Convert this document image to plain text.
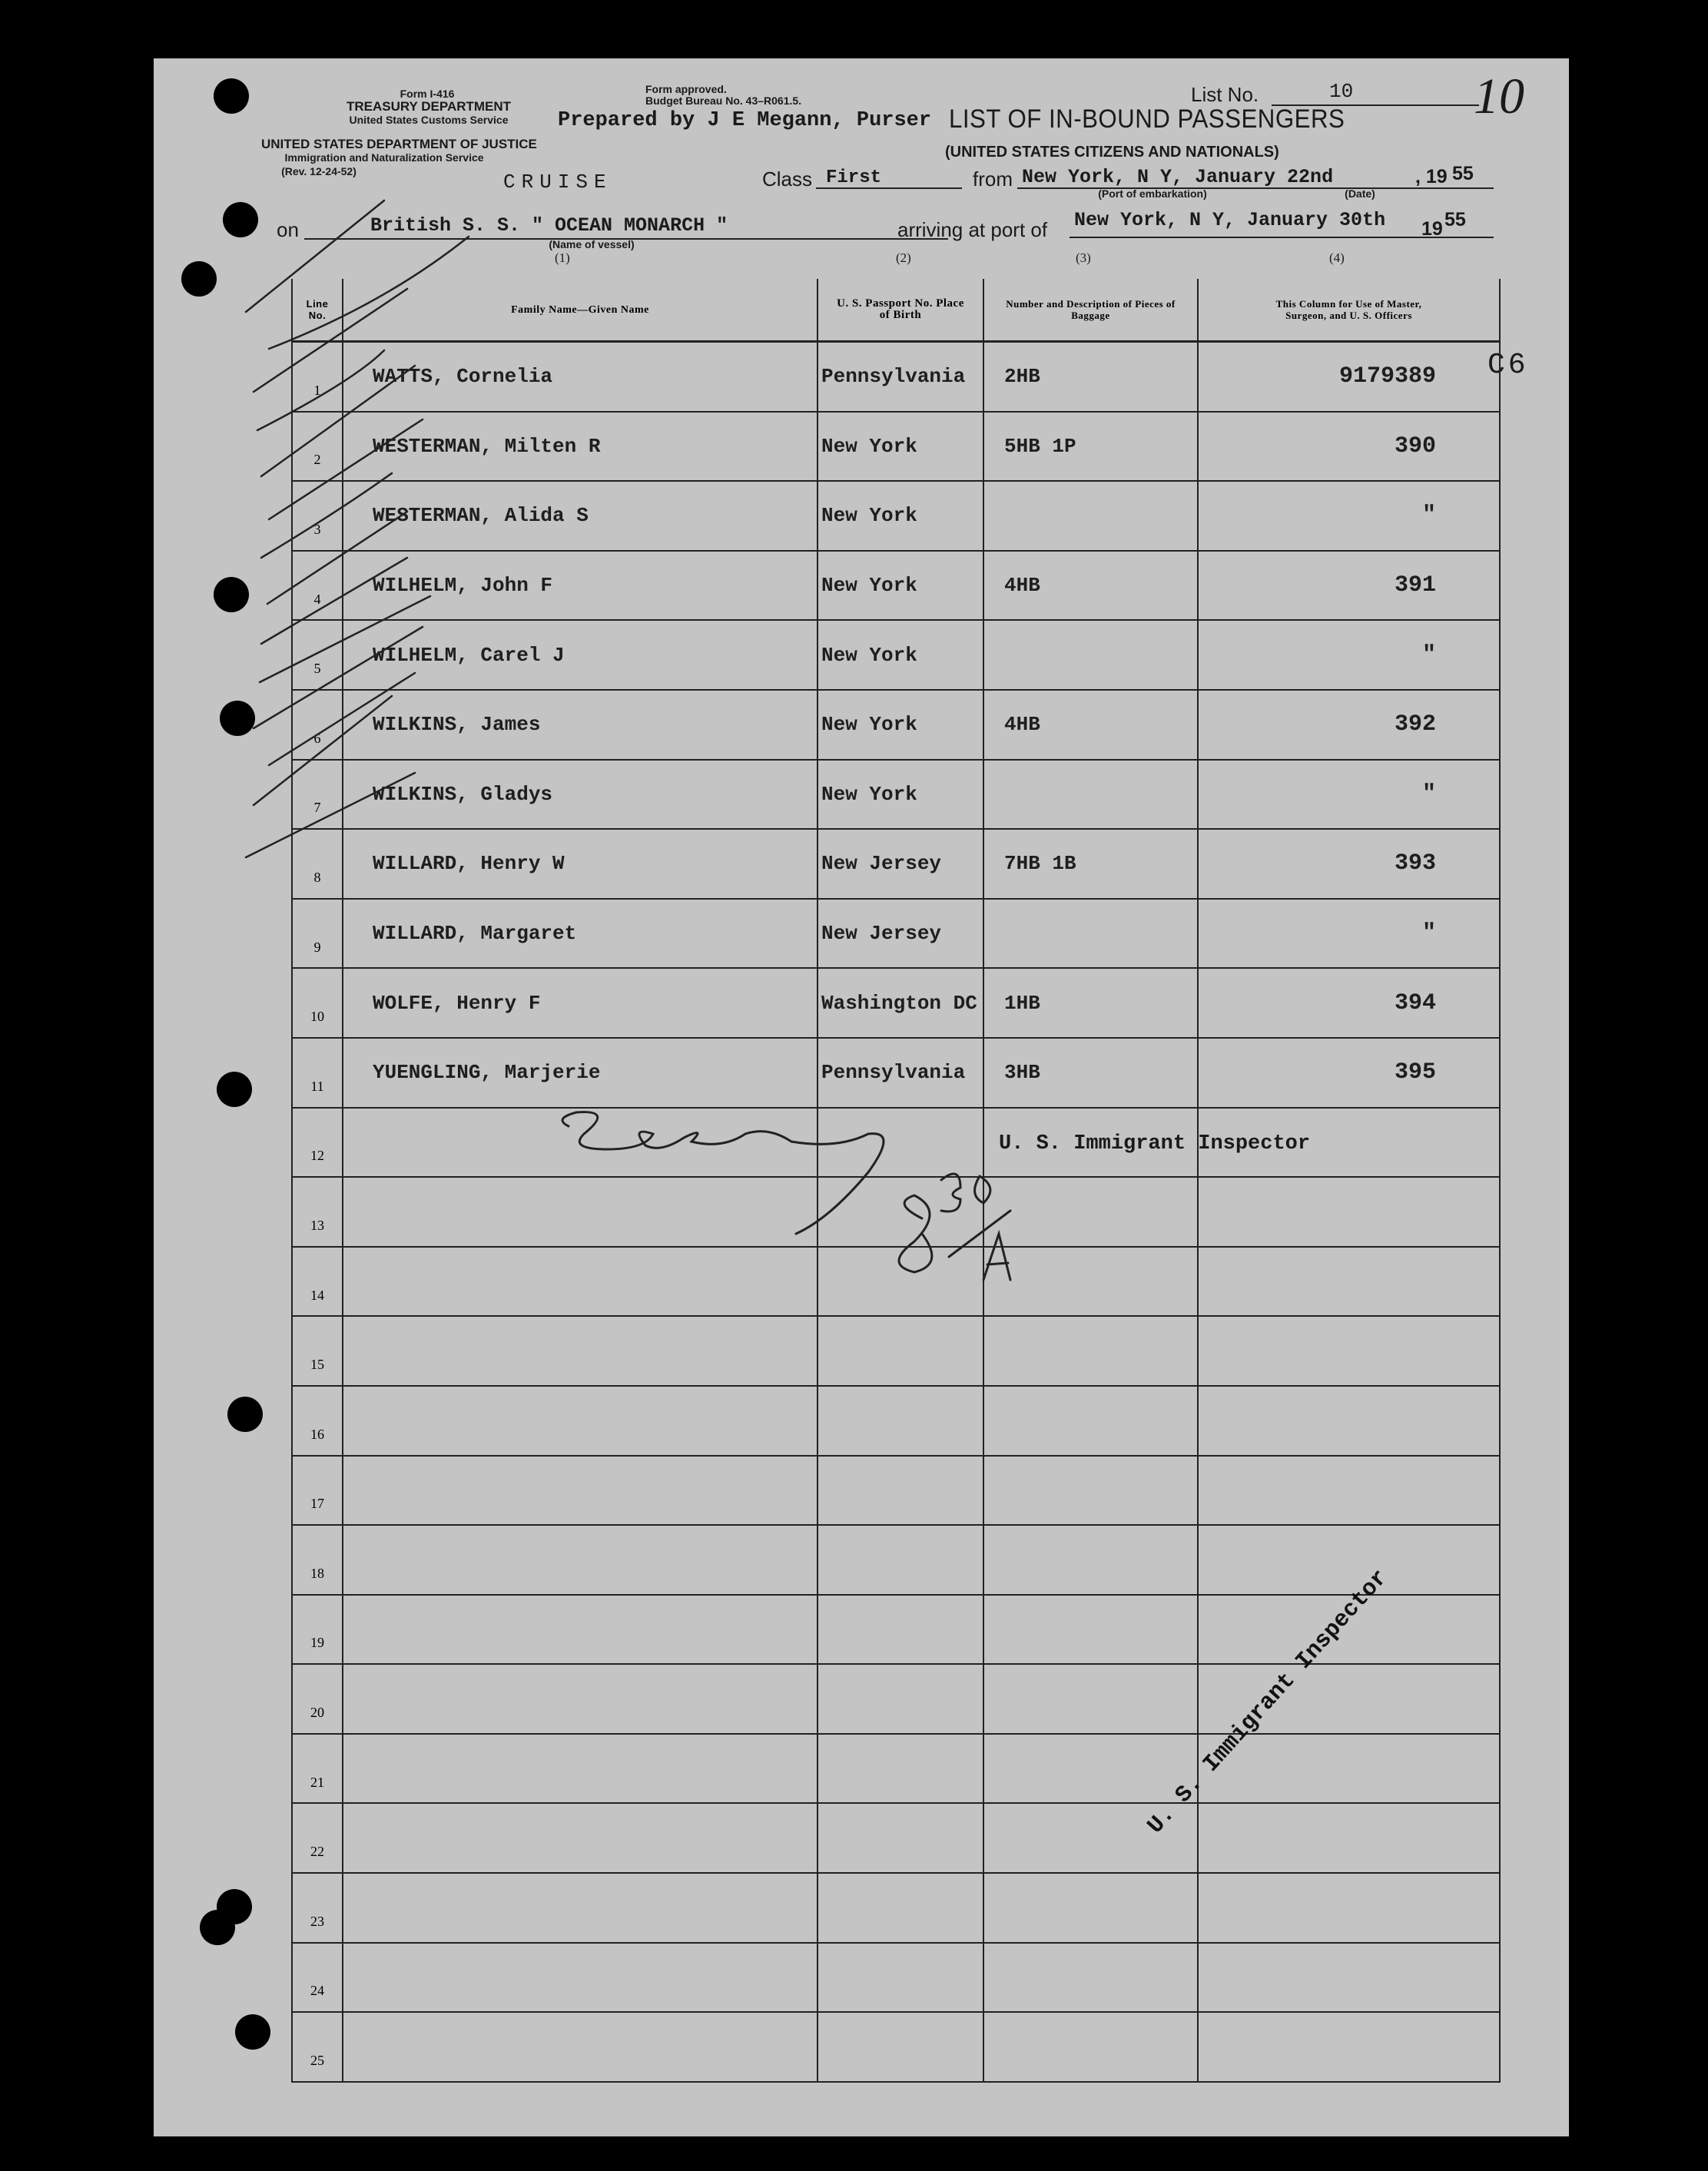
Form I-416
TREASURY DEPARTMENT
United States Customs Service
UNITED STATES DEPARTMENT OF JUSTICE
Immigration and Naturalization Service
(Rev. 12-24-52)	CRUISE
Form approved.
Budget Bureau No. 43–R061.5.
Prepared by J E Megann, Purser LIST OF IN-BOUND PASSENGERS
(UNITED STATES CITIZENS AND NATIONALS)
List No.	10 10
Class First	from New York, N Y, January 22nd	, 19 55
(Port of embarkation)	(Date)
on	British S. S. " OCEAN MONARCH "
(Name of vessel)
arriving at port of New York, N Y, January 30th 19 55
(1)	(2)	(3)	(4)
C6
Line No.	Family Name—Given Name	U. S. Passport No. Place of Birth	Number and Description of Pieces of Baggage	This Column for Use of Master, Surgeon, and U. S. Officers

1	WATTS, Cornelia	Pennsylvania	2HB	9179389

2	WESTERMAN, Milten R	New York	5HB 1P	390

3	WESTERMAN, Alida S	New York		"

4	WILHELM, John F	New York	4HB	391

5	WILHELM, Carel J	New York		"

6	WILKINS, James	New York	4HB	392

7	WILKINS, Gladys	New York		"

8	WILLARD, Henry W	New Jersey	7HB 1B	393

9	WILLARD, Margaret	New Jersey		"

10	WOLFE, Henry F	Washington DC	1HB	394

11	YUENGLING, Marjerie	Pennsylvania	3HB	395

12	

13	

14	

15	

16	

17	

18	

19	

20	

21	

22	

23	

24	

25	

U. S. Immigrant Inspector
U. S. Immigrant Inspector
